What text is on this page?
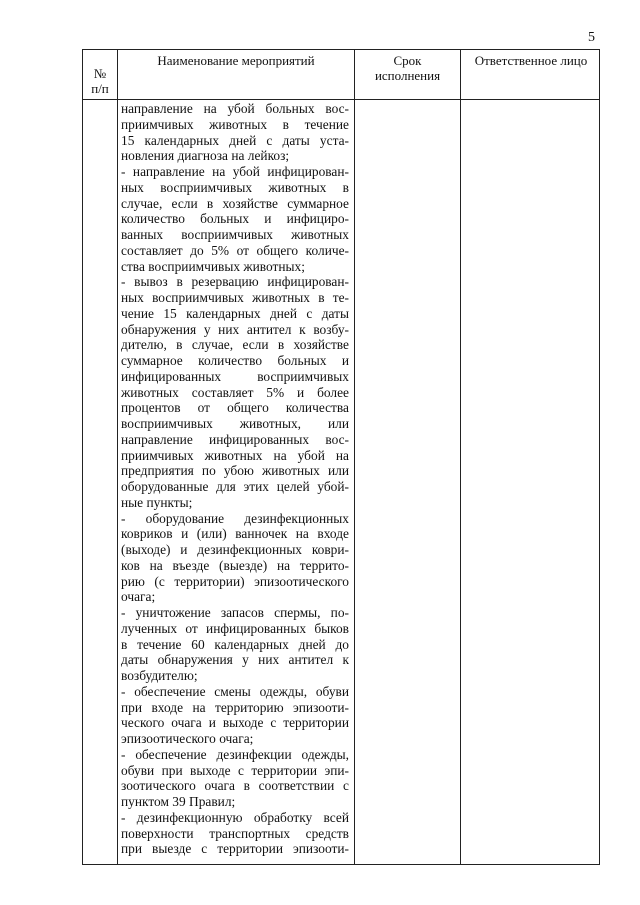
5
№
п/п
Наименование мероприятий	Срок
исполнения
Ответственное лицо
направление на убой больных вос-
приимчивых животных в течение
15 календарных дней с даты уста-
новления диагноза на лейкоз;
- направление на убой инфицирован-
ных восприимчивых животных в
случае, если в хозяйстве суммарное
количество больных и инфициро-
ванных восприимчивых животных
составляет до 5% от общего количе-
ства восприимчивых животных;
- вывоз в резервацию инфицирован-
ных восприимчивых животных в те-
чение 15 календарных дней с даты
обнаружения у них антител к возбу-
дителю, в случае, если в хозяйстве
суммарное количество больных и
инфицированных восприимчивых
животных составляет 5% и более
процентов от общего количества
восприимчивых животных, или
направление инфицированных вос-
приимчивых животных на убой на
предприятия по убою животных или
оборудованные для этих целей убой-
ные пункты;
- оборудование дезинфекционных
ковриков и (или) ванночек на входе
(выходе) и дезинфекционных коври-
ков на въезде (выезде) на террито-
рию (с территории) эпизоотического
очага;
- уничтожение запасов спермы, по-
лученных от инфицированных быков
в течение 60 календарных дней до
даты обнаружения у них антител к
возбудителю;
- обеспечение смены одежды, обуви
при входе на территорию эпизооти-
ческого очага и выходе с территории
эпизоотического очага;
- обеспечение дезинфекции одежды,
обуви при выходе с территории эпи-
зоотического очага в соответствии с
пунктом 39 Правил;
- дезинфекционную обработку всей
поверхности транспортных средств
при выезде с территории эпизооти-
